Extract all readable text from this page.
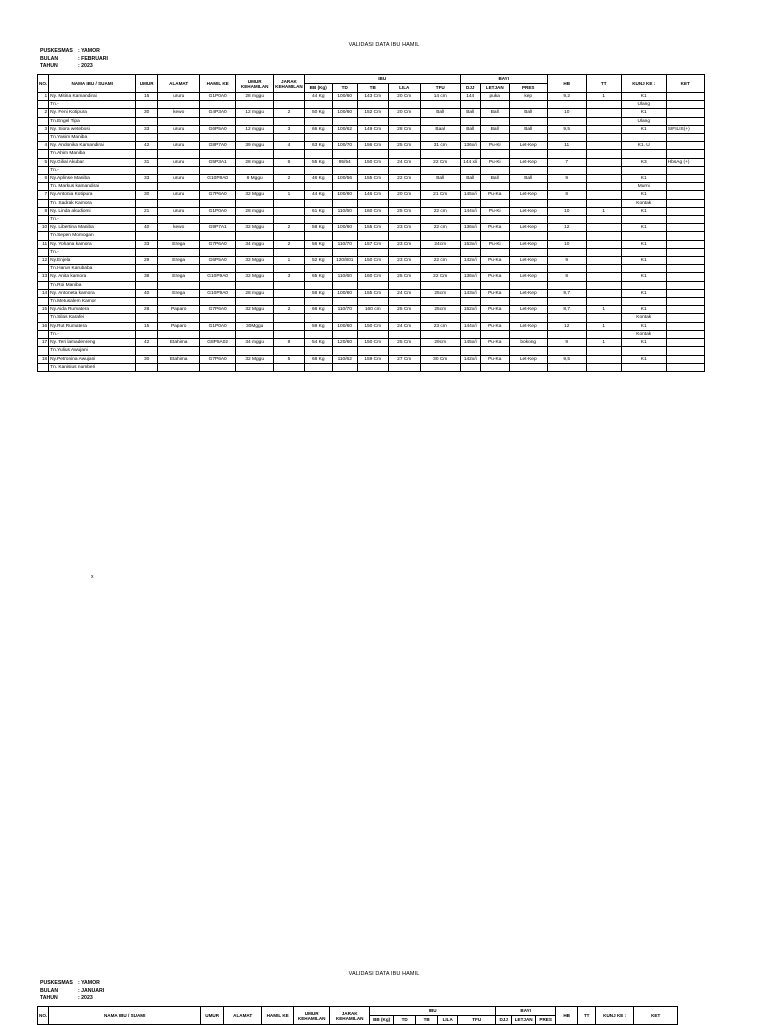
VALIDASI DATA IBU HAMIL
PUSKESMAS : YAMOR
BULAN	: FEBRUARI
TAHUN	: 2023
NO.	NAMA IBU / SUAMI	UMUR	ALAMAT	HAMIL KE	UMUR KEHAMILAN	JARAK KEHAMILAN	IBU					BAYI			HB	TT	KUNJ KE :	KET
							BB (Kg)	TD	TB	LILA	TFU	DJJ	LETJAN	PRES				
1	Ny. Mitina Kamandirai	15	ururu	G1P0A0	28 mggu		44 Kg	100/60	143 Cm	20 Cm	14 cm	144	puka	kep	9,2	1	K1	
	Tn.-																Ulang	
2	Ny. Feni Kotipura	30	kewo	G4P3A0	12 mggu	2	50 Kg	100/60	152 Cm	20 Cm	Ball	Ball	Ball	Ball	10		K1	
	Tn.Engel Tipa																Ulang	
3	Ny. Siora wetebosi	33	ururu	G6P5A0	12 mggu	3	66 Kg	100/62	149 Cm	28 Cm	Baal	Ball	Ball	Ball	9,5		K1	SIFILIS(+)
	Tn.Yasim Maniba																	
4	Ny. Andonika Kamandirai	42	ururu	G8P7A0	39 mggu	4	63 Kg	100/70	156 Cm	25 Cm	31 cm	136x/i	Pu-Ki	Let-Kep	11		K1. U	
	Tn.Ahim Maniba																	
5	Ny.Gilial Akubar	31	ururu	G5P3A1	28 mggu	6	55 Kg	95/54	150 Cm	24 Cm	22 Cm	144 x/i	Pu-Ki	Let-Kep	7		K3	HbsAg (+)
	Tn.-																	
6	Ny.Aplinse Maniba	33	ururu	G10P8A0	8 Mggu	2	46 Kg	100/56	155 Cm	22 Cm	Ball	Ball	Ball	Ball	9		K1	
	Tn. Markus kamandirai																Murni	
7	Ny.Antonia Kotipura	30	ururu	G7P6A0	32 Mggu	1	44 Kg	100/60	146 Cm	20 Cm	21 Cm	145x/i	Pu-Ka	Let-Kep	8		K1	
	Tn. Sadrak Kamora																Kontak	
8	Ny. Linda akudiomi	21	ururu	G1P0A0	28 mggu		61 Kg	110/60	160 Cm	25 Cm	22 cm	144x/i	Pu-Ki	Let-Kep	10	1	K1	
	Tn.-																	
10	Ny. Libertina Maniba	40	kewo	G9P7A1	32 Mggu	2	58 Kg	100/60	155 Cm	23 Cm	22 cm	136x/i	Pu-Ka	Let-Kep	12		K1	
	Tn.Sepen Momogan																	
11	Ny. Yohana kamora	33	Erega	G7P6A0	34 mggu	2	56 Kg	110/70	157 Cm	23 Cm	24cm	153x/i	Pu-Ki	Let-Kep	10		K1	
	Tn.-																	
12	Ny.Enjela	29	Erega	G6P5A0	32 Mggu	1	52 Kg	120/801	150 Cm	23 Cm	22 cm	142x/i	Pu-Ka	Let-Kep	9		K1	
	Tn.Harun Karubaba																	
13	Ny. Anita kamora	38	Erega	G10P9A0	32 Mggu	3	65 Kg	110/60	160 Cm	25 Cm	22 Cm	136x/i	Pu-Ka	Let-Kep	8		K1	
	Tn.Roi Maniba																	
14	Ny. Antoneta kamora	40	Erega	G10P9A0	28 mggu		56 Kg	100/60	155 Cm	24 Cm	25cm	143x/i	Pu-Ka	Let-Kep	9,7		K1	
	Tn.Metusalem Kamor																	
15	Ny.Aida Rumatera	28	Paparo	G7P6A0	32 Mggu	2	66 Kg	110/70	160 cm	25 Cm	25cm	152x/i	Pu-Ka	Let-Kep	8,7	1	K1	
	Tn.Silas Karafei																Kontak	
16	Ny.Rut Rumatera	15	Paparo	G1P0A0	30Mggu		59 Kg	100/60	150 Cm	24 Cm	23 cm	144x/i	Pu-Ka	Let-Kep	12	1	K1	
	Tn.-																Kontak	
17	Ny. Teri lamadenreng	42	Etahima	G8P5A02	34 mggu	8	54 Kg	120/60	150 Cm	25 Cm	29cm	145x/i	Pu-Ka	bokong	9	1	K1	
	Tn.Yulius Awujani																	
18	Ny.Petronina Awujani	30	Etahima	G7P6A0	32 Mggu	5	68 Kg	110/62	159 Cm	27 Cm	30 Cm	142x/i	Pu-Ka	Let-Kep	9,5		K1	
	Tn. Kanisius numberi																	
x
VALIDASI DATA IBU HAMIL
PUSKESMAS : YAMOR
BULAN	: JANUARI
TAHUN	: 2023
NO.	NAMA IBU / SUAMI	UMUR	ALAMAT	HAMIL KE	UMUR KEHAMILAN	JARAK KEHAMILAN	IBU					BAYI			HB	TT	KUNJ KE :	KET
							BB (Kg)	TD	TB	LILA	TFU	DJJ	LETJAN	PRES				
